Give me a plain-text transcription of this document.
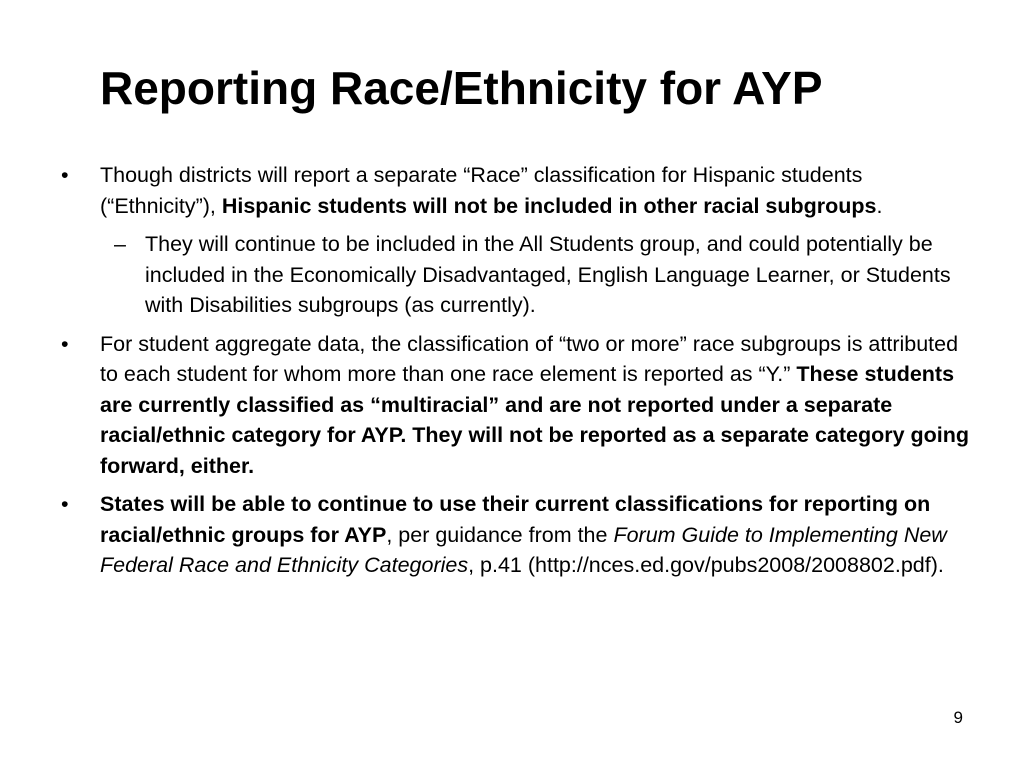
Reporting Race/Ethnicity for AYP
• Though districts will report a separate “Race” classification for Hispanic students (“Ethnicity”), Hispanic students will not be included in other racial subgroups.
– They will continue to be included in the All Students group, and could potentially be included in the Economically Disadvantaged, English Language Learner, or Students with Disabilities subgroups (as currently).
• For student aggregate data, the classification of “two or more” race subgroups is attributed to each student for whom more than one race element is reported as “Y.” These students are currently classified as “multiracial” and are not reported under a separate racial/ethnic category for AYP. They will not be reported as a separate category going forward, either.
• States will be able to continue to use their current classifications for reporting on racial/ethnic groups for AYP, per guidance from the Forum Guide to Implementing New Federal Race and Ethnicity Categories, p.41 (http://nces.ed.gov/pubs2008/2008802.pdf).
9
